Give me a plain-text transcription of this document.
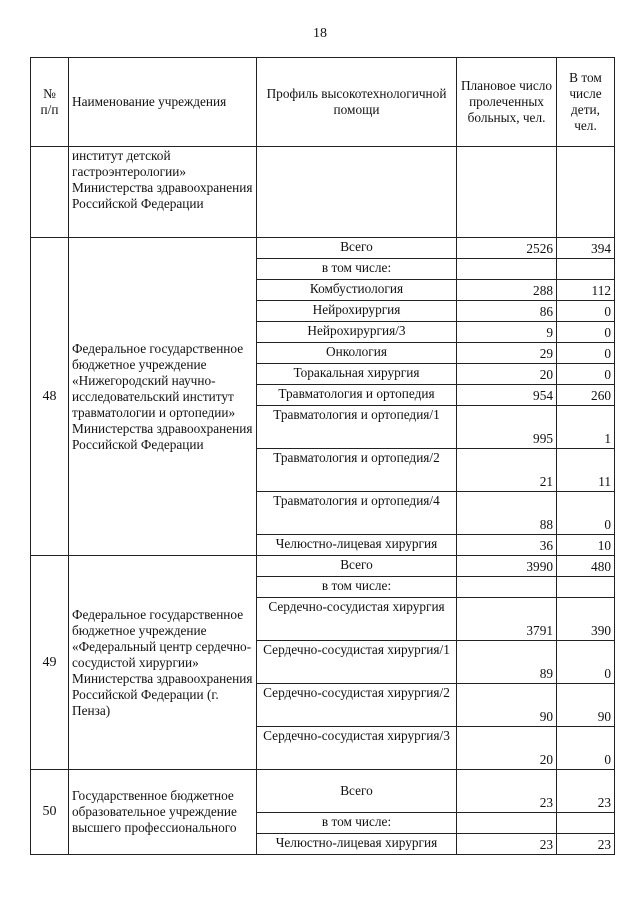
18
№
п/п	Наименование учреждения	Профиль высокотехнологичной помощи	Плановое число пролеченных больных, чел.	В том числе дети, чел.
	институт детской гастроэнтерологии» Министерства здравоохранения Российской Федерации			
48	Федеральное государственное бюджетное учреждение «Нижегородский научно-исследовательский институт травматологии и ортопедии» Министерства здравоохранения Российской Федерации	Всего	2526	394
		в том числе:		
		Комбустиология	288	112
		Нейрохирургия	86	0
		Нейрохирургия/3	9	0
		Онкология	29	0
		Торакальная хирургия	20	0
		Травматология и ортопедия	954	260
		Травматология и ортопедия/1	995	1
		Травматология и ортопедия/2	21	11
		Травматология и ортопедия/4	88	0
		Челюстно-лицевая хирургия	36	10
49	Федеральное государственное бюджетное учреждение «Федеральный центр сердечно-сосудистой хирургии» Министерства здравоохранения Российской Федерации (г. Пенза)	Всего	3990	480
		в том числе:		
		Сердечно-сосудистая хирургия	3791	390
		Сердечно-сосудистая хирургия/1	89	0
		Сердечно-сосудистая хирургия/2	90	90
		Сердечно-сосудистая хирургия/3	20	0
50	Государственное бюджетное образовательное учреждение высшего профессионального	Всего	23	23
		в том числе:		
		Челюстно-лицевая хирургия	23	23
